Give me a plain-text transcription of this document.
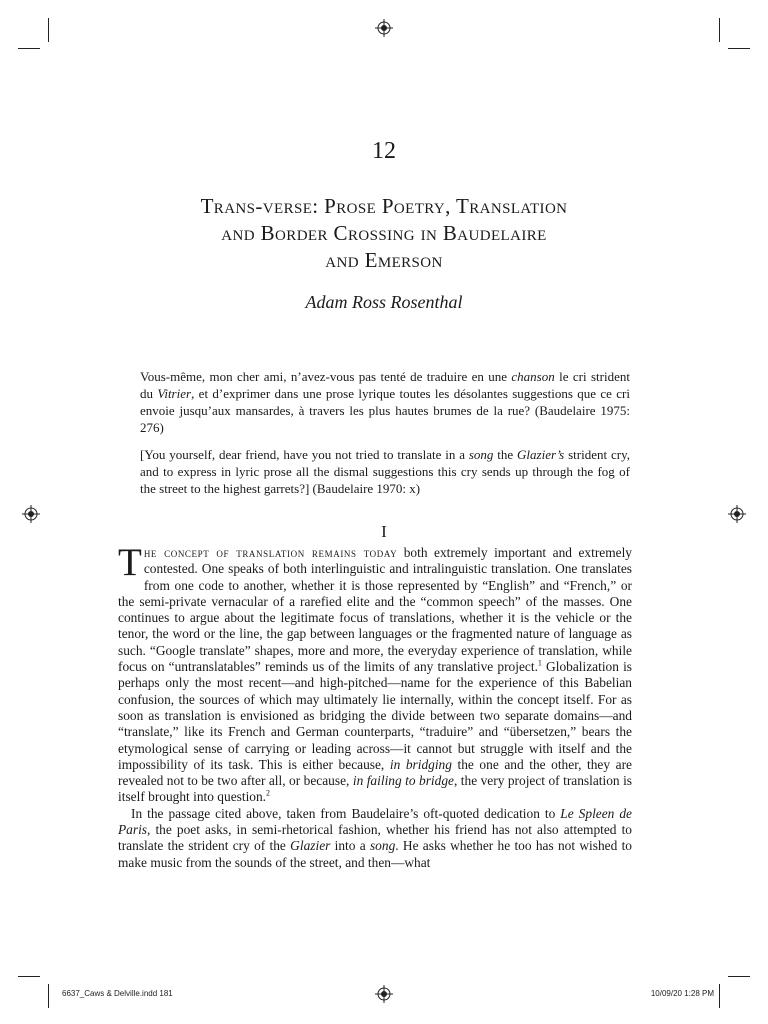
12
Trans-verse: Prose Poetry, Translation
and Border Crossing in Baudelaire
and Emerson
Adam Ross Rosenthal

Vous-même, mon cher ami, n’avez-vous pas tenté de traduire en une chanson le cri strident du Vitrier, et d’exprimer dans une prose lyrique toutes les désolantes suggestions que ce cri envoie jusqu’aux mansardes, à travers les plus hautes brumes de la rue? (Baudelaire 1975: 276)

[You yourself, dear friend, have you not tried to translate in a song the Glazier’s strident cry, and to express in lyric prose all the dismal suggestions this cry sends up through the fog of the street to the highest garrets?] (Baudelaire 1970: x)

I

The concept of translation remains today both extremely important and extremely contested. One speaks of both interlinguistic and intralinguistic translation. One translates from one code to another, whether it is those represented by “English” and “French,” or the semi-private vernacular of a rarefied elite and the “common speech” of the masses. One continues to argue about the legitimate focus of translations, whether it is the vehicle or the tenor, the word or the line, the gap between languages or the fragmented nature of language as such. “Google translate” shapes, more and more, the everyday experience of translation, while focus on “untranslatables” reminds us of the limits of any translative project.$^1$ Globalization is perhaps only the most recent—and high-pitched—name for the experience of this Babelian confusion, the sources of which may ultimately lie internally, within the concept itself. For as soon as translation is envisioned as bridging the divide between two separate domains—and “translate,” like its French and German counterparts, “traduire” and “übersetzen,” bears the etymological sense of carrying or leading across—it cannot but struggle with itself and the impossibility of its task. This is either because, in bridging the one and the other, they are revealed not to be two after all, or because, in failing to bridge, the very project of translation is itself brought into question.$^2$

In the passage cited above, taken from Baudelaire’s oft-quoted dedication to Le Spleen de Paris, the poet asks, in semi-rhetorical fashion, whether his friend has not also attempted to translate the strident cry of the Glazier into a song. He asks whether he too has not wished to make music from the sounds of the street, and then—what

6637_Caws & Delville.indd 181	10/09/20 1:28 PM
